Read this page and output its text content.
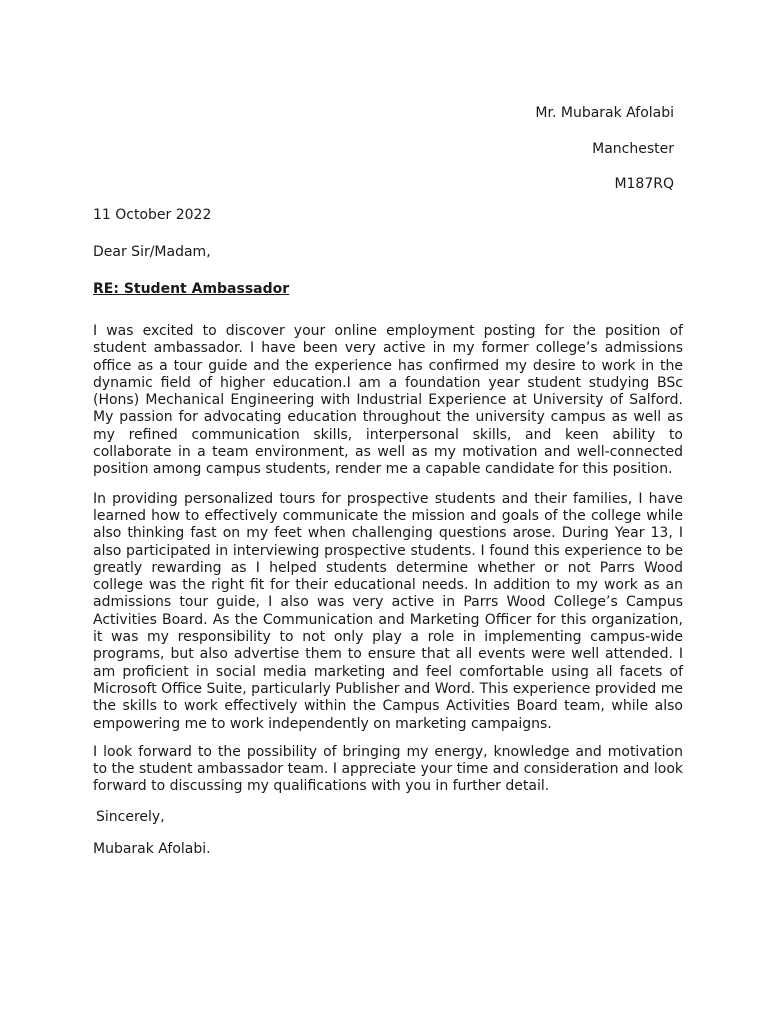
Mr. Mubarak Afolabi
Manchester
M187RQ
11 October 2022
Dear Sir/Madam,
RE: Student Ambassador

I was excited to discover your online employment posting for the position of student ambassador. I have been very active in my former college’s admissions office as a tour guide and the experience has confirmed my desire to work in the dynamic field of higher education.I am a foundation year student studying BSc (Hons) Mechanical Engineering with Industrial Experience at University of Salford. My passion for advocating education throughout the university campus as well as my refined communication skills, interpersonal skills, and keen ability to collaborate in a team environment, as well as my motivation and well-connected position among campus students, render me a capable candidate for this position.

In providing personalized tours for prospective students and their families, I have learned how to effectively communicate the mission and goals of the college while also thinking fast on my feet when challenging questions arose. During Year 13, I also participated in interviewing prospective students. I found this experience to be greatly rewarding as I helped students determine whether or not Parrs Wood college was the right fit for their educational needs. In addition to my work as an admissions tour guide, I also was very active in Parrs Wood College’s Campus Activities Board. As the Communication and Marketing Officer for this organization, it was my responsibility to not only play a role in implementing campus-wide programs, but also advertise them to ensure that all events were well attended. I am proficient in social media marketing and feel comfortable using all facets of Microsoft Office Suite, particularly Publisher and Word. This experience provided me the skills to work effectively within the Campus Activities Board team, while also empowering me to work independently on marketing campaigns.

I look forward to the possibility of bringing my energy, knowledge and motivation to the student ambassador team. I appreciate your time and consideration and look forward to discussing my qualifications with you in further detail.

Sincerely,
Mubarak Afolabi.
